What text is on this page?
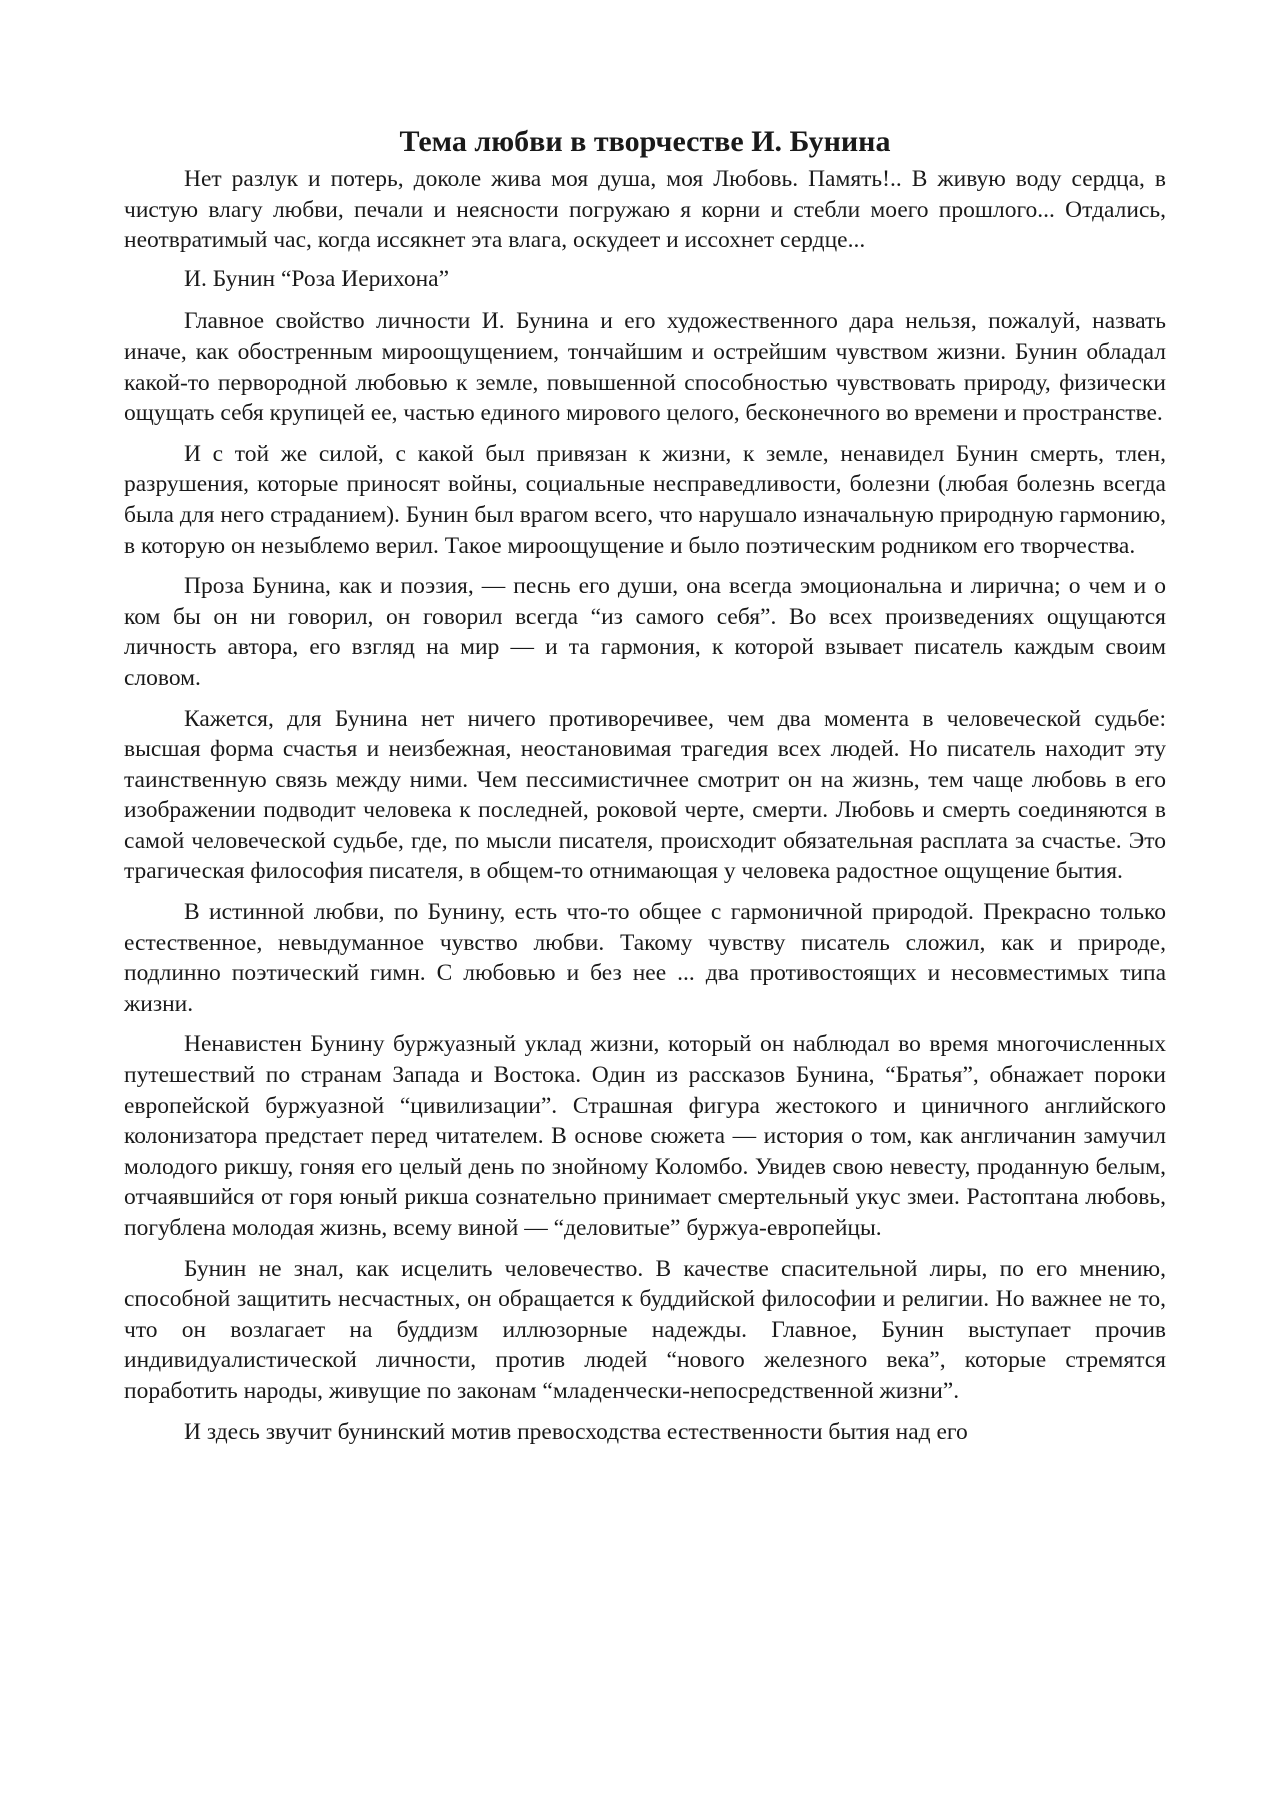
Тема любви в творчестве И. Бунина

Нет разлук и потерь, доколе жива моя душа, моя Любовь. Память!.. В живую воду сердца, в чистую влагу любви, печали и неясности погружаю я корни и стебли моего прошлого... Отдались, неотвратимый час, когда иссякнет эта влага, оскудеет и иссохнет сердце...

И. Бунин “Роза Иерихона”

Главное свойство личности И. Бунина и его художественного дара нельзя, пожалуй, назвать иначе, как обостренным мироощущением, тончайшим и острейшим чувством жизни. Бунин обладал какой-то первородной любовью к земле, повышенной способностью чувствовать природу, физически ощущать себя крупицей ее, частью единого мирового целого, бесконечного во времени и пространстве.

И с той же силой, с какой был привязан к жизни, к земле, ненавидел Бунин смерть, тлен, разрушения, которые приносят войны, социальные несправедливости, болезни (любая болезнь всегда была для него страданием). Бунин был врагом всего, что нарушало изначальную природную гармонию, в которую он незыблемо верил. Такое мироощущение и было поэтическим родником его творчества.

Проза Бунина, как и поэзия, — песнь его души, она всегда эмоциональна и лирична; о чем и о ком бы он ни говорил, он говорил всегда “из самого себя”. Во всех произведениях ощущаются личность автора, его взгляд на мир — и та гармония, к которой взывает писатель каждым своим словом.

Кажется, для Бунина нет ничего противоречивее, чем два момента в человеческой судьбе: высшая форма счастья и неизбежная, неостановимая трагедия всех людей. Но писатель находит эту таинственную связь между ними. Чем пессимистичнее смотрит он на жизнь, тем чаще любовь в его изображении подводит человека к последней, роковой черте, смерти. Любовь и смерть соединяются в самой человеческой судьбе, где, по мысли писателя, происходит обязательная расплата за счастье. Это трагическая философия писателя, в общем-то отнимающая у человека радостное ощущение бытия.

В истинной любви, по Бунину, есть что-то общее с гармоничной природой. Прекрасно только естественное, невыдуманное чувство любви. Такому чувству писатель сложил, как и природе, подлинно поэтический гимн. С любовью и без нее ... два противостоящих и несовместимых типа жизни.

Ненавистен Бунину буржуазный уклад жизни, который он наблюдал во время многочисленных путешествий по странам Запада и Востока. Один из рассказов Бунина, “Братья”, обнажает пороки европейской буржуазной “цивилизации”. Страшная фигура жестокого и циничного английского колонизатора предстает перед читателем. В основе сюжета — история о том, как англичанин замучил молодого рикшу, гоняя его целый день по знойному Коломбо. Увидев свою невесту, проданную белым, отчаявшийся от горя юный рикша сознательно принимает смертельный укус змеи. Растоптана любовь, погублена молодая жизнь, всему виной — “деловитые” буржуа-европейцы.

Бунин не знал, как исцелить человечество. В качестве спасительной лиры, по его мнению, способной защитить несчастных, он обращается к буддийской философии и религии. Но важнее не то, что он возлагает на буддизм иллюзорные надежды. Главное, Бунин выступает прочив индивидуалистической личности, против людей “нового железного века”, которые стремятся поработить народы, живущие по законам “младенчески-непосредственной жизни”.

И здесь звучит бунинский мотив превосходства естественности бытия над его
